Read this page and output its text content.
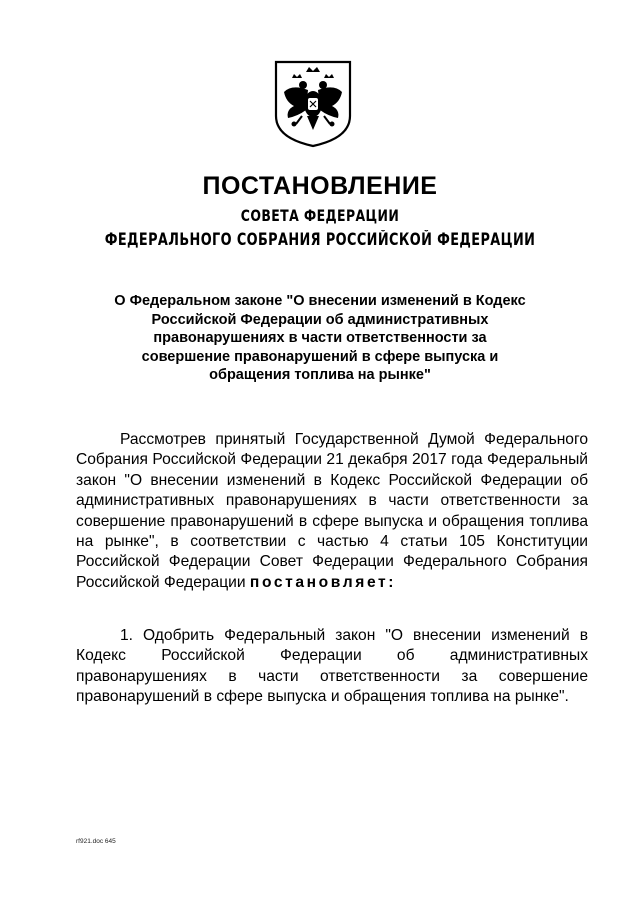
ПОСТАНОВЛЕНИЕ
СОВЕТА ФЕДЕРАЦИИ
ФЕДЕРАЛЬНОГО СОБРАНИЯ РОССИЙСКОЙ ФЕДЕРАЦИИ
О Федеральном законе "О внесении изменений в Кодекс Российской Федерации об административных правонарушениях в части ответственности за совершение правонарушений в сфере выпуска и обращения топлива на рынке"
Рассмотрев принятый Государственной Думой Федерального Собрания Российской Федерации 21 декабря 2017 года Федеральный закон "О внесении изменений в Кодекс Российской Федерации об административных правонарушениях в части ответственности за совершение правонарушений в сфере выпуска и обращения топлива на рынке", в соответствии с частью 4 статьи 105 Конституции Российской Федерации Совет Федерации Федерального Собрания Российской Федерации постановляет:
1. Одобрить Федеральный закон "О внесении изменений в Кодекс Российской Федерации об административных правонарушениях в части ответственности за совершение правонарушений в сфере выпуска и обращения топлива на рынке".
rf921.doc 645
